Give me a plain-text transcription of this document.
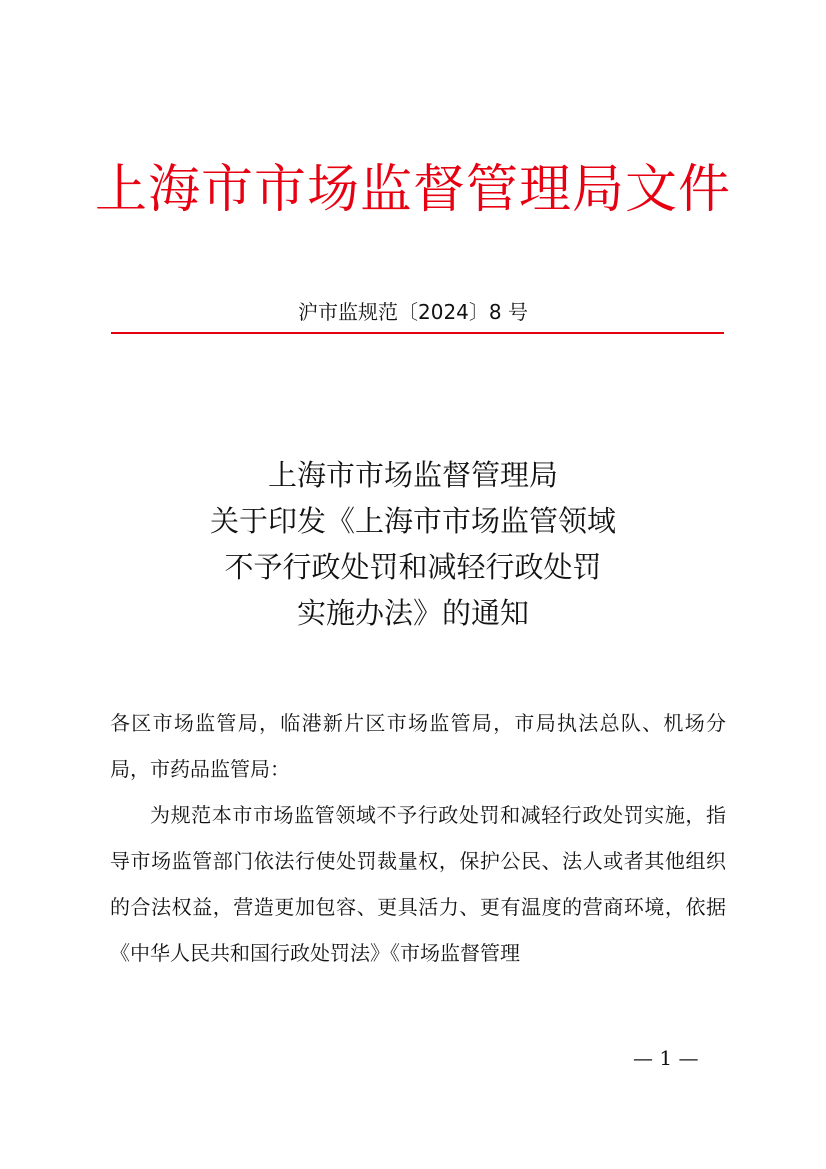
上海市市场监督管理局文件
沪市监规范〔2024〕8 号
上海市市场监督管理局
关于印发《上海市市场监管领域
不予行政处罚和减轻行政处罚
实施办法》的通知

各区市场监管局，临港新片区市场监管局，市局执法总队、机场分局，市药品监管局：

为规范本市市场监管领域不予行政处罚和减轻行政处罚实施，指导市场监管部门依法行使处罚裁量权，保护公民、法人或者其他组织的合法权益，营造更加包容、更具活力、更有温度的营商环境，依据《中华人民共和国行政处罚法》《市场监督管理

— 1 —
